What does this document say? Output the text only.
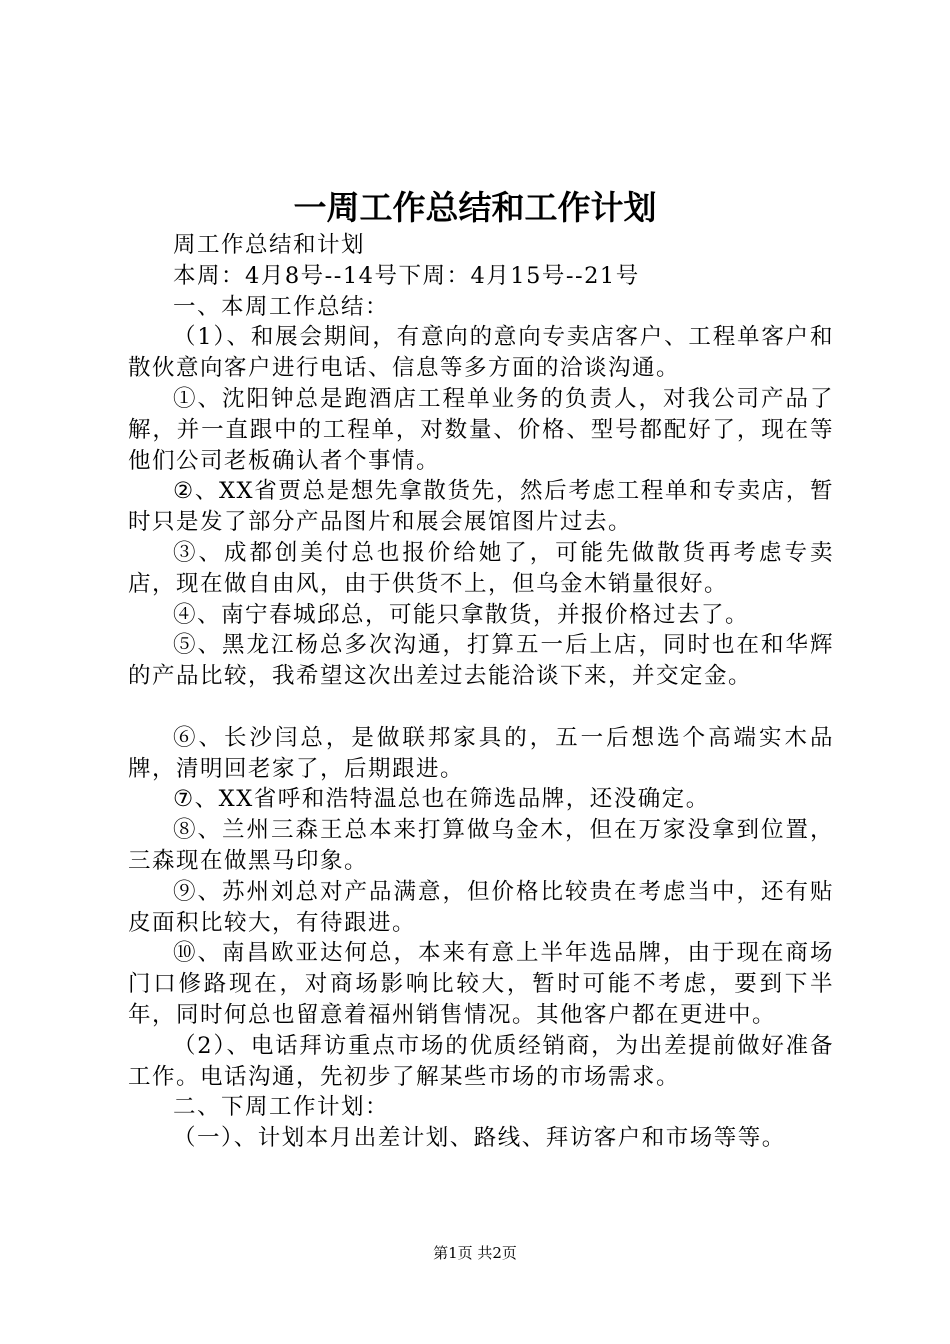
一周工作总结和工作计划

周工作总结和计划

本周：4月8号--14号下周：4月15号--21号

一、本周工作总结：

（1）、和展会期间，有意向的意向专卖店客户、工程单客户和散伙意向客户进行电话、信息等多方面的洽谈沟通。

①、沈阳钟总是跑酒店工程单业务的负责人，对我公司产品了解，并一直跟中的工程单，对数量、价格、型号都配好了，现在等他们公司老板确认者个事情。

②、XX省贾总是想先拿散货先，然后考虑工程单和专卖店，暂时只是发了部分产品图片和展会展馆图片过去。

③、成都创美付总也报价给她了，可能先做散货再考虑专卖店，现在做自由风，由于供货不上，但乌金木销量很好。

④、南宁春城邱总，可能只拿散货，并报价格过去了。

⑤、黑龙江杨总多次沟通，打算五一后上店，同时也在和华辉的产品比较，我希望这次出差过去能洽谈下来，并交定金。

⑥、长沙闫总，是做联邦家具的，五一后想选个高端实木品牌，清明回老家了，后期跟进。

⑦、XX省呼和浩特温总也在筛选品牌，还没确定。

⑧、兰州三森王总本来打算做乌金木，但在万家没拿到位置，三森现在做黑马印象。

⑨、苏州刘总对产品满意，但价格比较贵在考虑当中，还有贴皮面积比较大，有待跟进。

⑩、南昌欧亚达何总，本来有意上半年选品牌，由于现在商场门口修路现在，对商场影响比较大，暂时可能不考虑，要到下半年，同时何总也留意着福州销售情况。其他客户都在更进中。

（2）、电话拜访重点市场的优质经销商，为出差提前做好准备工作。电话沟通，先初步了解某些市场的市场需求。

二、下周工作计划：

（一）、计划本月出差计划、路线、拜访客户和市场等等。

第1页 共2页
